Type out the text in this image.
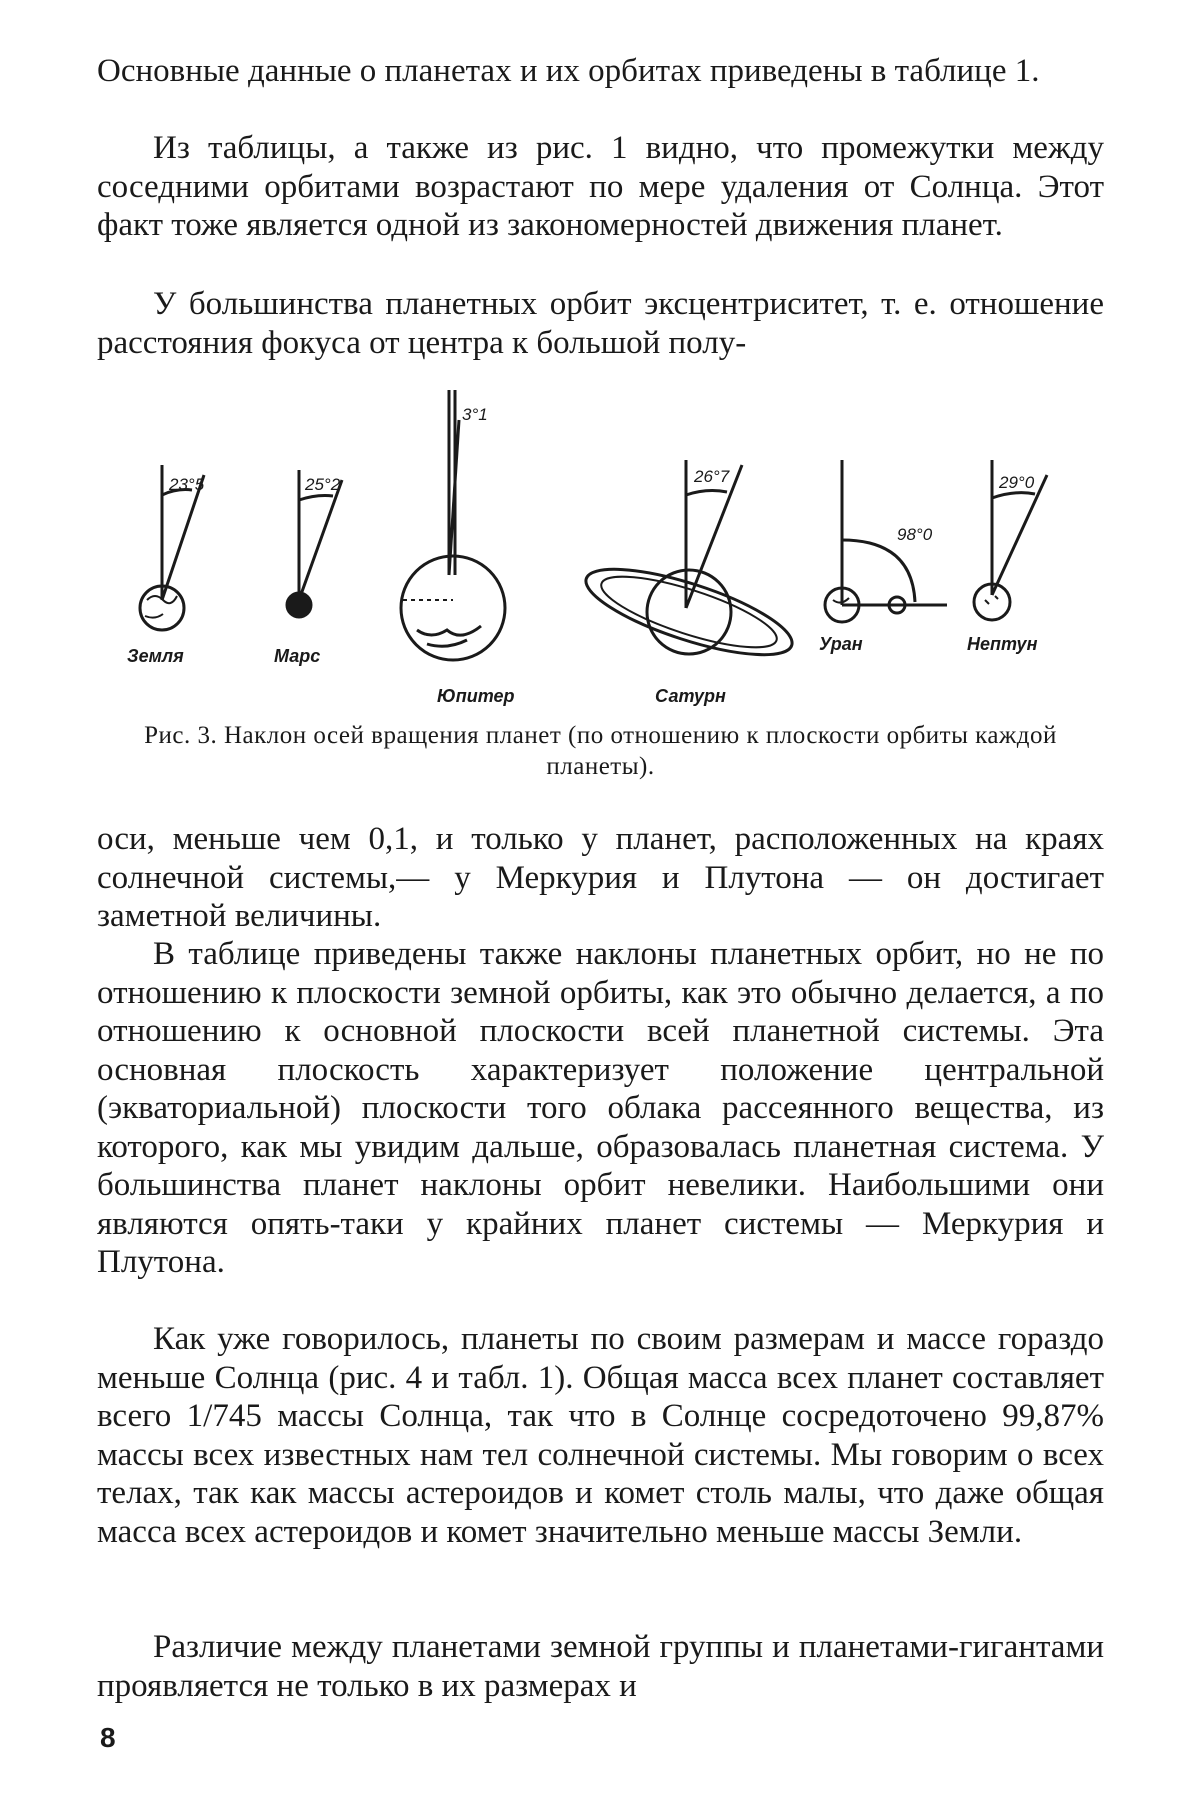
Основные данные о планетах и их орбитах приведены в таблице 1.

Из таблицы, а также из рис. 1 видно, что промежутки между соседними орбитами возрастают по мере удаления от Солнца. Этот факт тоже является одной из закономерностей движения планет.

У большинства планетных орбит эксцентриситет, т. е. отношение расстояния фокуса от центра к большой полу-

23°5	25°2
3°1
26°7
98°0
29°0
Земля	Марс
Юпитер	Сатурн
Уран	Нептун

Рис. 3. Наклон осей вращения планет (по отношению к плоскости орбиты каждой планеты).

оси, меньше чем 0,1, и только у планет, расположенных на краях солнечной системы,— у Меркурия и Плутона — он достигает заметной величины.

В таблице приведены также наклоны планетных орбит, но не по отношению к плоскости земной орбиты, как это обычно делается, а по отношению к основной плоскости всей планетной системы. Эта основная плоскость характеризует положение центральной (экваториальной) плоскости того облака рассеянного вещества, из которого, как мы увидим дальше, образовалась планетная система. У большинства планет наклоны орбит невелики. Наибольшими они являются опять-таки у крайних планет системы — Меркурия и Плутона.

Как уже говорилось, планеты по своим размерам и массе гораздо меньше Солнца (рис. 4 и табл. 1). Общая масса всех планет составляет всего 1/745 массы Солнца, так что в Солнце сосредоточено 99,87% массы всех известных нам тел солнечной системы. Мы говорим о всех телах, так как массы астероидов и комет столь малы, что даже общая масса всех астероидов и комет значительно меньше массы Земли.

Различие между планетами земной группы и планетами-гигантами проявляется не только в их размерах и

8
